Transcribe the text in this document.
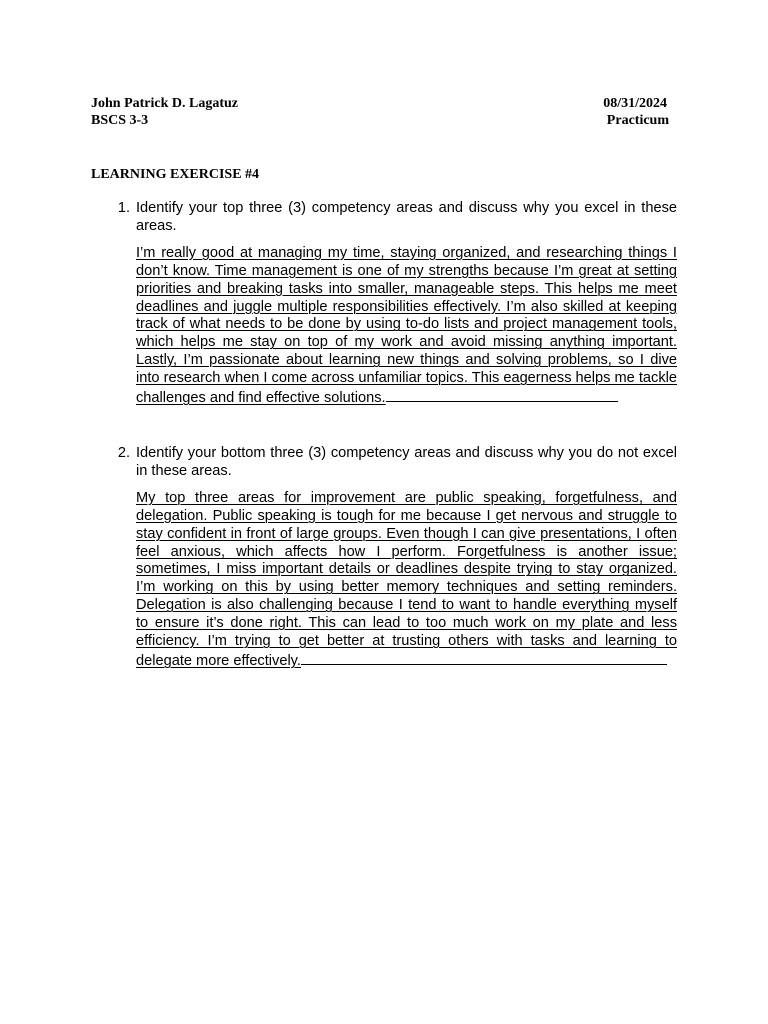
John Patrick D. Lagatuz
BSCS 3-3
08/31/2024
Practicum
LEARNING EXERCISE #4
1. Identify your top three (3) competency areas and discuss why you excel in these areas.
I’m really good at managing my time, staying organized, and researching things I don’t know. Time management is one of my strengths because I’m great at setting priorities and breaking tasks into smaller, manageable steps. This helps me meet deadlines and juggle multiple responsibilities effectively. I’m also skilled at keeping track of what needs to be done by using to-do lists and project management tools, which helps me stay on top of my work and avoid missing anything important. Lastly, I’m passionate about learning new things and solving problems, so I dive into research when I come across unfamiliar topics. This eagerness helps me tackle challenges and find effective solutions.
2. Identify your bottom three (3) competency areas and discuss why you do not excel in these areas.
My top three areas for improvement are public speaking, forgetfulness, and delegation. Public speaking is tough for me because I get nervous and struggle to stay confident in front of large groups. Even though I can give presentations, I often feel anxious, which affects how I perform. Forgetfulness is another issue; sometimes, I miss important details or deadlines despite trying to stay organized. I’m working on this by using better memory techniques and setting reminders. Delegation is also challenging because I tend to want to handle everything myself to ensure it’s done right. This can lead to too much work on my plate and less efficiency. I’m trying to get better at trusting others with tasks and learning to delegate more effectively.
